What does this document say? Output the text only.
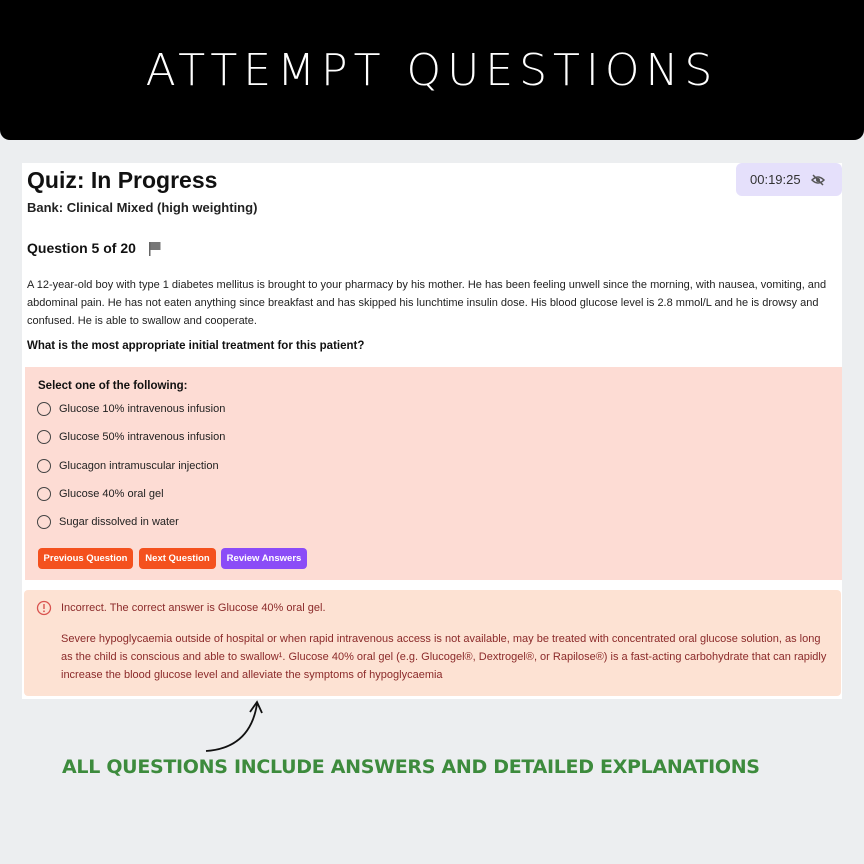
ATTEMPT QUESTIONS
Quiz: In Progress
Bank: Clinical Mixed (high weighting)
00:19:25
Question 5 of 20
A 12-year-old boy with type 1 diabetes mellitus is brought to your pharmacy by his mother. He has been feeling unwell since the morning, with nausea, vomiting, and abdominal pain. He has not eaten anything since breakfast and has skipped his lunchtime insulin dose. His blood glucose level is 2.8 mmol/L and he is drowsy and confused. He is able to swallow and cooperate.
What is the most appropriate initial treatment for this patient?
Select one of the following:
Glucose 10% intravenous infusion
Glucose 50% intravenous infusion
Glucagon intramuscular injection
Glucose 40% oral gel
Sugar dissolved in water
Previous Question	Next Question	Review Answers
Incorrect. The correct answer is Glucose 40% oral gel.
Severe hypoglycaemia outside of hospital or when rapid intravenous access is not available, may be treated with concentrated oral glucose solution, as long as the child is conscious and able to swallow¹. Glucose 40% oral gel (e.g. Glucogel®, Dextrogel®, or Rapilose®) is a fast-acting carbohydrate that can rapidly increase the blood glucose level and alleviate the symptoms of hypoglycaemia
ALL QUESTIONS INCLUDE ANSWERS AND DETAILED EXPLANATIONS
